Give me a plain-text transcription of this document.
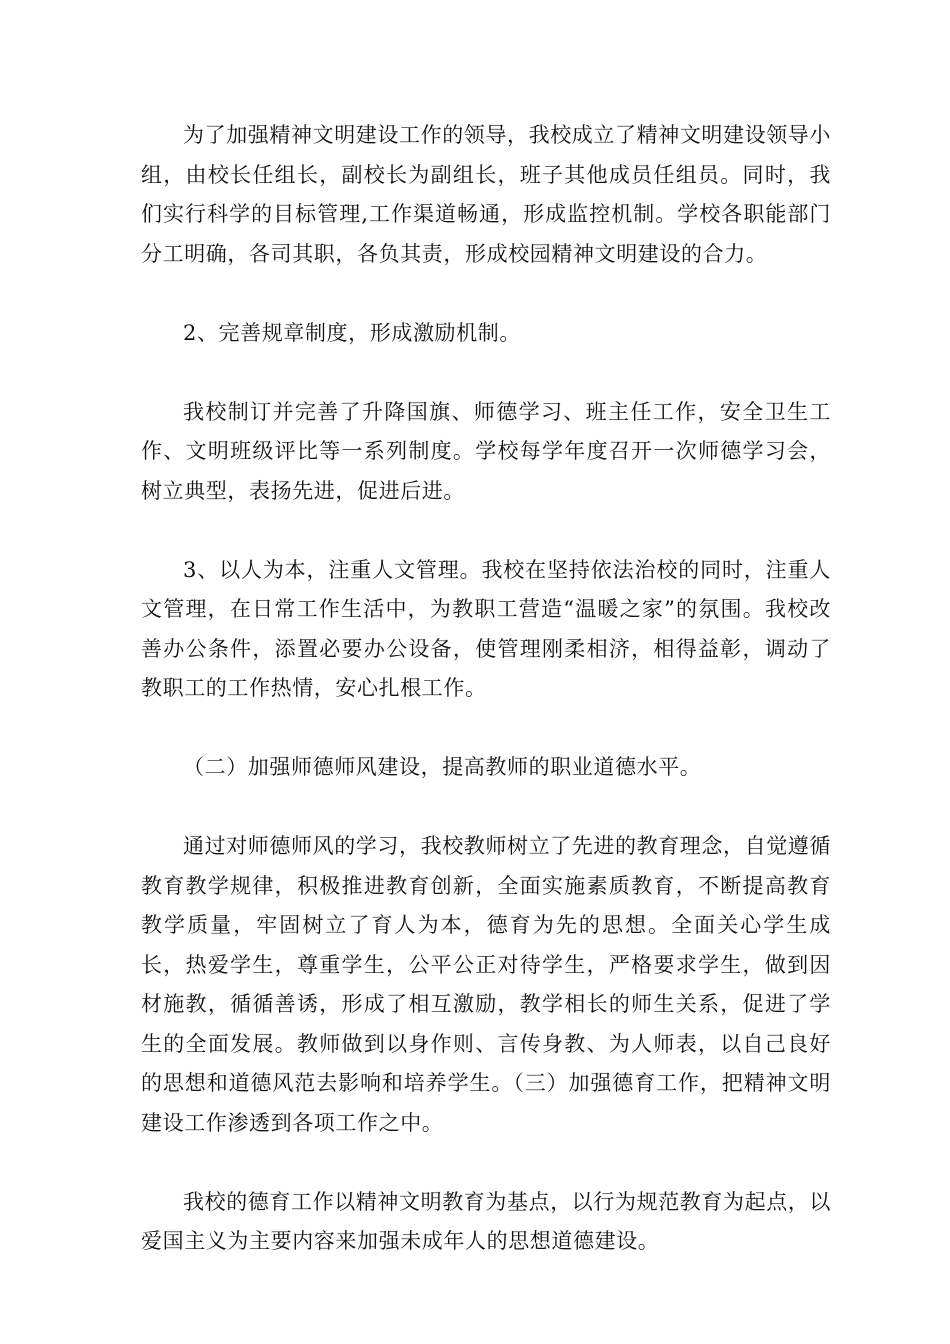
为了加强精神文明建设工作的领导，我校成立了精神文明建设领导小组，由校长任组长，副校长为副组长，班子其他成员任组员。同时，我们实行科学的目标管理,工作渠道畅通，形成监控机制。学校各职能部门分工明确，各司其职，各负其责，形成校园精神文明建设的合力。

2、完善规章制度，形成激励机制。

我校制订并完善了升降国旗、师德学习、班主任工作，安全卫生工作、文明班级评比等一系列制度。学校每学年度召开一次师德学习会，树立典型，表扬先进，促进后进。

3、以人为本，注重人文管理。我校在坚持依法治校的同时，注重人文管理，在日常工作生活中，为教职工营造“温暖之家”的氛围。我校改善办公条件，添置必要办公设备，使管理刚柔相济，相得益彰，调动了教职工的工作热情，安心扎根工作。

（二）加强师德师风建设，提高教师的职业道德水平。

通过对师德师风的学习，我校教师树立了先进的教育理念，自觉遵循教育教学规律，积极推进教育创新，全面实施素质教育，不断提高教育教学质量，牢固树立了育人为本，德育为先的思想。全面关心学生成长，热爱学生，尊重学生，公平公正对待学生，严格要求学生，做到因材施教，循循善诱，形成了相互激励，教学相长的师生关系，促进了学生的全面发展。教师做到以身作则、言传身教、为人师表，以自己良好的思想和道德风范去影响和培养学生。（三）加强德育工作，把精神文明建设工作渗透到各项工作之中。

我校的德育工作以精神文明教育为基点，以行为规范教育为起点，以爱国主义为主要内容来加强未成年人的思想道德建设。
